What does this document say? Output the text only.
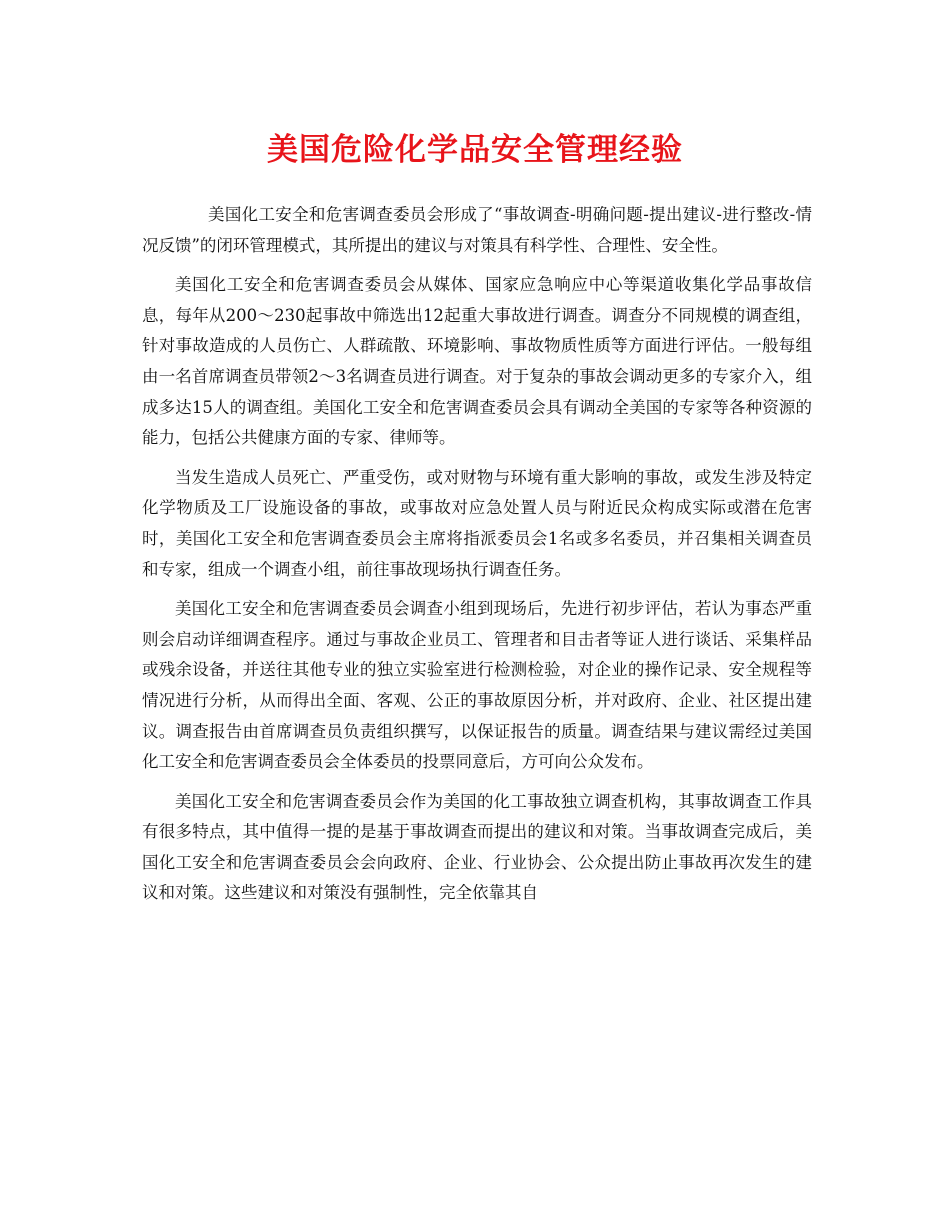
美国危险化学品安全管理经验

美国化工安全和危害调查委员会形成了“事故调查-明确问题-提出建议-进行整改-情况反馈”的闭环管理模式，其所提出的建议与对策具有科学性、合理性、安全性。

美国化工安全和危害调查委员会从媒体、国家应急响应中心等渠道收集化学品事故信息，每年从200～230起事故中筛选出12起重大事故进行调查。调查分不同规模的调查组，针对事故造成的人员伤亡、人群疏散、环境影响、事故物质性质等方面进行评估。一般每组由一名首席调查员带领2～3名调查员进行调查。对于复杂的事故会调动更多的专家介入，组成多达15人的调查组。美国化工安全和危害调查委员会具有调动全美国的专家等各种资源的能力，包括公共健康方面的专家、律师等。

当发生造成人员死亡、严重受伤，或对财物与环境有重大影响的事故，或发生涉及特定化学物质及工厂设施设备的事故，或事故对应急处置人员与附近民众构成实际或潜在危害时，美国化工安全和危害调查委员会主席将指派委员会1名或多名委员，并召集相关调查员和专家，组成一个调查小组，前往事故现场执行调查任务。

美国化工安全和危害调查委员会调查小组到现场后，先进行初步评估，若认为事态严重则会启动详细调查程序。通过与事故企业员工、管理者和目击者等证人进行谈话、采集样品或残余设备，并送往其他专业的独立实验室进行检测检验，对企业的操作记录、安全规程等情况进行分析，从而得出全面、客观、公正的事故原因分析，并对政府、企业、社区提出建议。调查报告由首席调查员负责组织撰写，以保证报告的质量。调查结果与建议需经过美国化工安全和危害调查委员会全体委员的投票同意后，方可向公众发布。

美国化工安全和危害调查委员会作为美国的化工事故独立调查机构，其事故调查工作具有很多特点，其中值得一提的是基于事故调查而提出的建议和对策。当事故调查完成后，美国化工安全和危害调查委员会会向政府、企业、行业协会、公众提出防止事故再次发生的建议和对策。这些建议和对策没有强制性，完全依靠其自
